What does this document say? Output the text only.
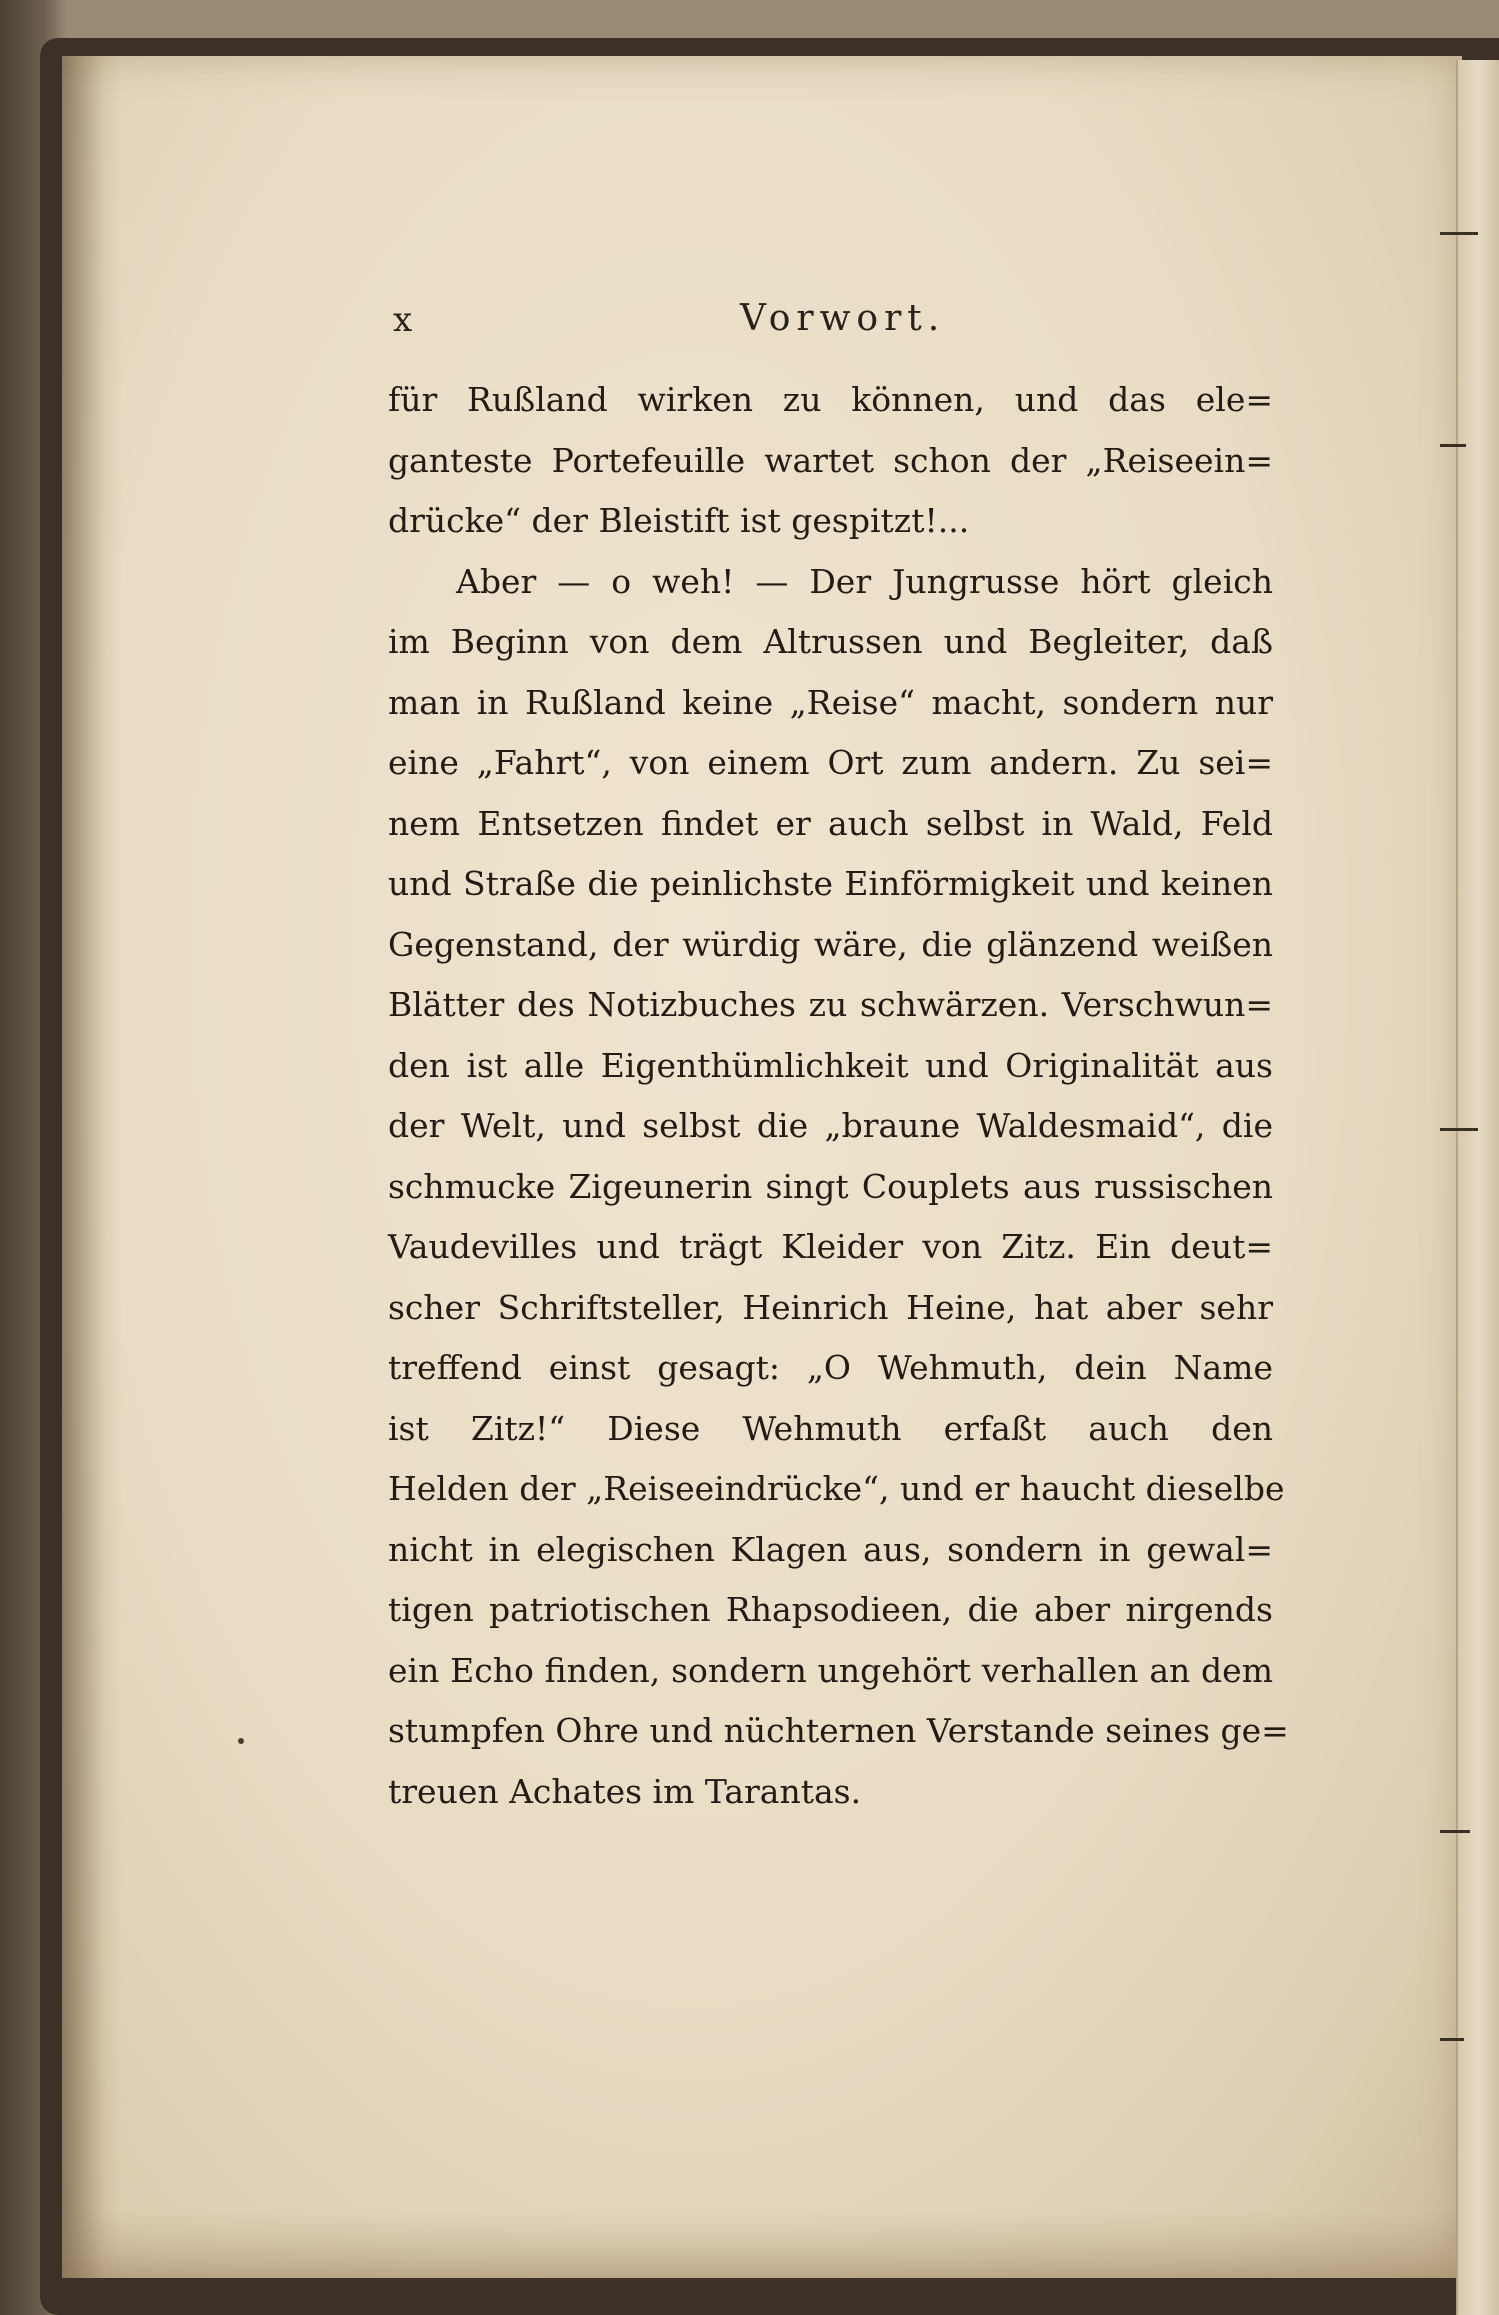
x	Vorwort.
für Rußland wirken zu können, und das ele=
ganteste Portefeuille wartet schon der „Reiseein=
drücke“ der Bleistift ist gespitzt!...
Aber — o weh! — Der Jungrusse hört gleich
im Beginn von dem Altrussen und Begleiter, daß
man in Rußland keine „Reise“ macht, sondern nur
eine „Fahrt“, von einem Ort zum andern. Zu sei=
nem Entsetzen findet er auch selbst in Wald, Feld
und Straße die peinlichste Einförmigkeit und keinen
Gegenstand, der würdig wäre, die glänzend weißen
Blätter des Notizbuches zu schwärzen. Verschwun=
den ist alle Eigenthümlichkeit und Originalität aus
der Welt, und selbst die „braune Waldesmaid“, die
schmucke Zigeunerin singt Couplets aus russischen
Vaudevilles und trägt Kleider von Zitz. Ein deut=
scher Schriftsteller, Heinrich Heine, hat aber sehr
treffend einst gesagt: „O Wehmuth, dein Name
ist Zitz!“ Diese Wehmuth erfaßt auch den
Helden der „Reiseeindrücke“, und er haucht dieselbe
nicht in elegischen Klagen aus, sondern in gewal=
tigen patriotischen Rhapsodieen, die aber nirgends
ein Echo finden, sondern ungehört verhallen an dem
stumpfen Ohre und nüchternen Verstande seines ge=
treuen Achates im Tarantas.
